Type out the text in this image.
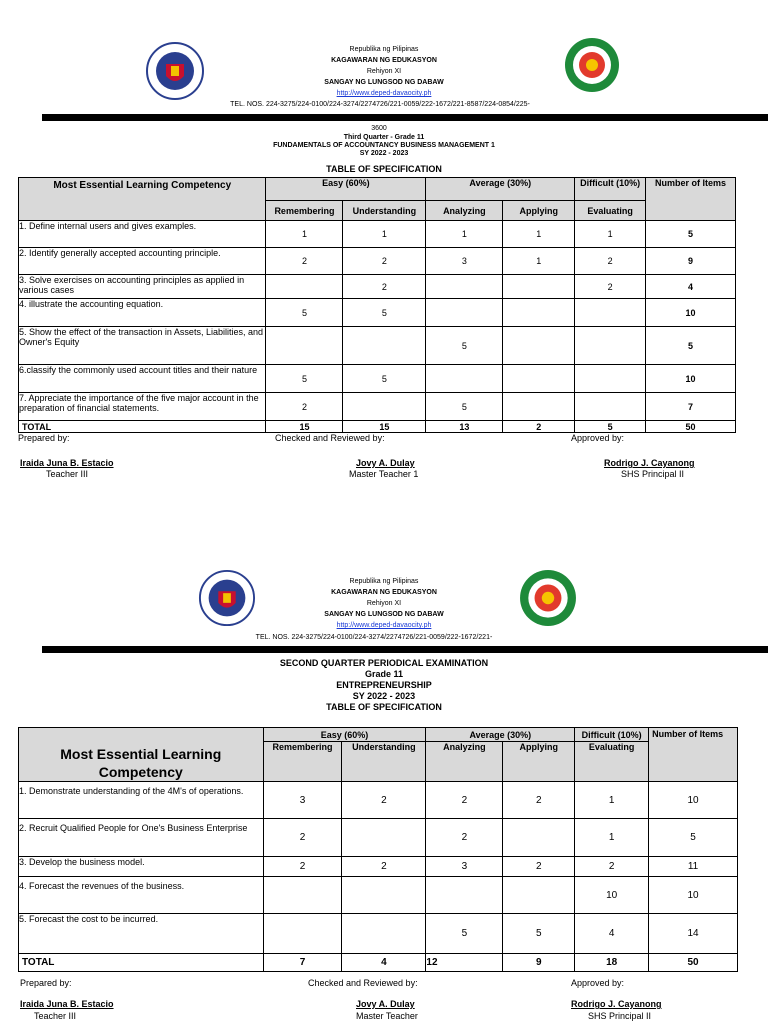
Republika ng Pilipinas
KAGAWARAN NG EDUKASYON
Rehiyon XI
SANGAY NG LUNGSOD NG DABAW
http://www.deped-davaocity.ph
TEL. NOS. 224-3275/224-0100/224-3274/2274726/221-0059/222-1672/221-8587/224-0854/225-
3600
Third Quarter - Grade 11
FUNDAMENTALS OF ACCOUNTANCY BUSINESS MANAGEMENT 1
SY 2022 - 2023
TABLE OF SPECIFICATION
Most Essential Learning Competency	Easy (60%)		Average (30%)		Difficult (10%)	Number of Items
	Remembering	Understanding	Analyzing	Applying	Evaluating	
1. Define internal users and gives examples.	1	1	1	1	1	5
2. Identify generally accepted accounting principle.	2	2	3	1	2	9
3. Solve exercises on accounting principles as applied in various cases		2			2	4
4. illustrate the accounting equation.	5	5				10
5. Show the effect of the transaction in Assets, Liabilities, and Owner's Equity			5			5
6.classify the commonly used account titles and their nature	5	5				10
7. Appreciate the importance of the five major account in the preparation of financial statements.	2		5			7
TOTAL	15	15	13	2	5	50
Prepared by:	Checked and Reviewed by:	Approved by:
Iraida Juna B. Estacio
Teacher III
Jovy A. Dulay
Master Teacher 1
Rodrigo J. Cayanong
SHS Principal II
Republika ng Pilipinas
KAGAWARAN NG EDUKASYON
Rehiyon XI
SANGAY NG LUNGSOD NG DABAW
http://www.deped-davaocity.ph
TEL. NOS. 224-3275/224-0100/224-3274/2274726/221-0059/222-1672/221-
SECOND QUARTER PERIODICAL EXAMINATION
Grade 11
ENTREPRENEURSHIP
SY 2022 - 2023
TABLE OF SPECIFICATION
Most Essential Learning Competency	Easy (60%)		Average (30%)		Difficult (10%)	Number of Items
	Remembering	Understanding	Analyzing	Applying	Evaluating	
1. Demonstrate understanding of the 4M's of operations.	3	2	2	2	1	10
2. Recruit Qualified People for One's Business Enterprise	2		2		1	5
3. Develop the business model.	2	2	3	2	2	11
4. Forecast the revenues of the business.					10	10
5. Forecast the cost to be incurred.			5	5	4	14
TOTAL	7	4	12	9	18	50
Prepared by:	Checked and Reviewed by:	Approved by:
Iraida Juna B. Estacio
Teacher III
Jovy A. Dulay
Master Teacher
Rodrigo J. Cayanong
SHS Principal II
